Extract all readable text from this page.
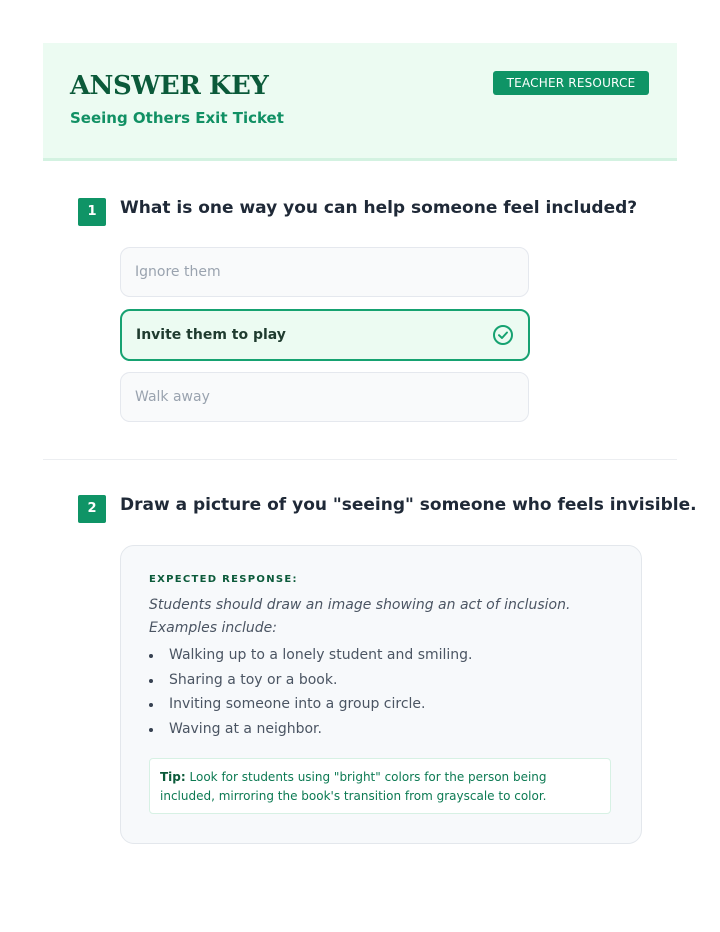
ANSWER KEY
Seeing Others Exit Ticket
TEACHER RESOURCE
1	What is one way you can help someone feel included?
Ignore them
Invite them to play
Walk away
2	Draw a picture of you "seeing" someone who feels invisible.
EXPECTED RESPONSE:
Students should draw an image showing an act of inclusion. Examples include:
Walking up to a lonely student and smiling.
Sharing a toy or a book.
Inviting someone into a group circle.
Waving at a neighbor.
Tip: Look for students using "bright" colors for the person being included, mirroring the book's transition from grayscale to color.
